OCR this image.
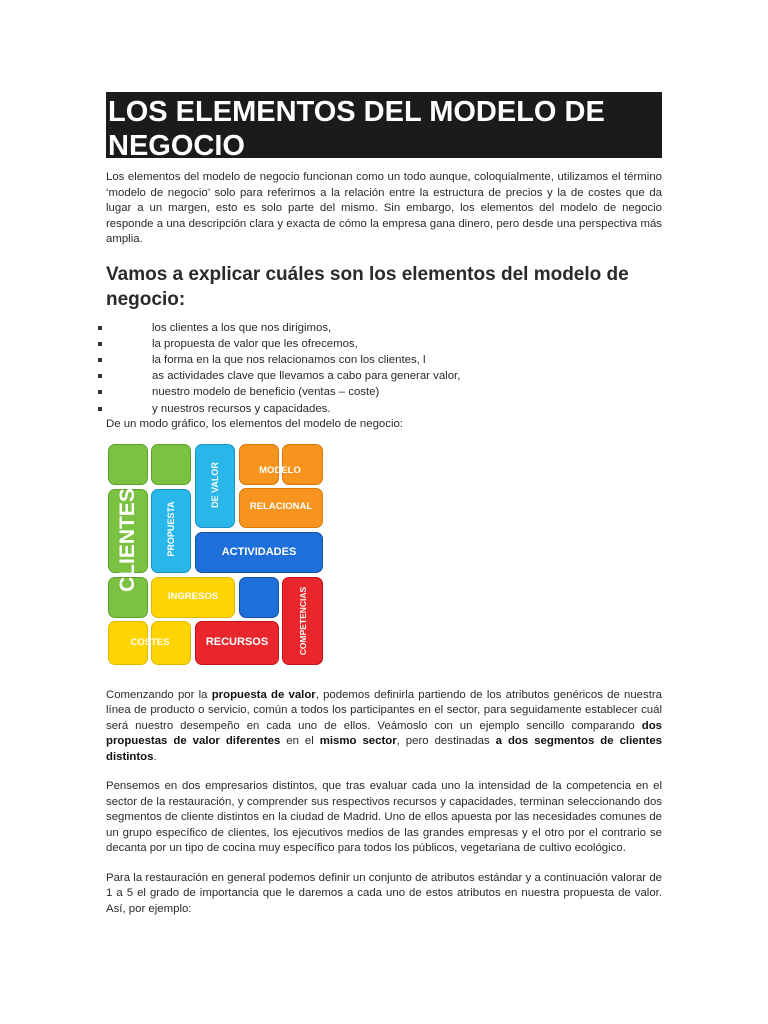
LOS ELEMENTOS DEL MODELO DE
NEGOCIO

Los elementos del modelo de negocio funcionan como un todo aunque, coloquialmente, utilizamos el término ‘modelo de negocio’ solo para referirnos a la relación entre la estructura de precios y la de costes que da lugar a un margen, esto es solo parte del mismo. Sin embargo, los elementos del modelo de negocio responde a una descripción clara y exacta de cómo la empresa gana dinero, pero desde una perspectiva más amplia.

Vamos a explicar cuáles son los elementos del modelo de negocio:
los clientes a los que nos dirigimos,
la propuesta de valor que les ofrecemos,
la forma en la que nos relacionamos con los clientes, l
as actividades clave que llevamos a cabo para generar valor,
nuestro modelo de beneficio (ventas – coste)
y nuestros recursos y capacidades.

De un modo gráfico, los elementos del modelo de negocio:

CLIENTES	PROPUESTA
DE VALOR	MODELO
RELACIONAL
ACTIVIDADES
INGRESOS
COSTES	RECURSOS	COMPETENCIAS

Comenzando por la propuesta de valor, podemos definirla partiendo de los atributos genéricos de nuestra línea de producto o servicio, común a todos los participantes en el sector, para seguidamente establecer cuál será nuestro desempeño en cada uno de ellos. Veámoslo con un ejemplo sencillo comparando dos propuestas de valor diferentes en el mismo sector, pero destinadas a dos segmentos de clientes distintos.

Pensemos en dos empresarios distintos, que tras evaluar cada uno la intensidad de la competencia en el sector de la restauración, y comprender sus respectivos recursos y capacidades, terminan seleccionando dos segmentos de cliente distintos en la ciudad de Madrid. Uno de ellos apuesta por las necesidades comunes de un grupo específico de clientes, los ejecutivos medios de las grandes empresas y el otro por el contrario se decanta por un tipo de cocina muy específico para todos los públicos, vegetariana de cultivo ecológico.

Para la restauración en general podemos definir un conjunto de atributos estándar y a continuación valorar de 1 a 5 el grado de importancia que le daremos a cada uno de estos atributos en nuestra propuesta de valor. Así, por ejemplo:
